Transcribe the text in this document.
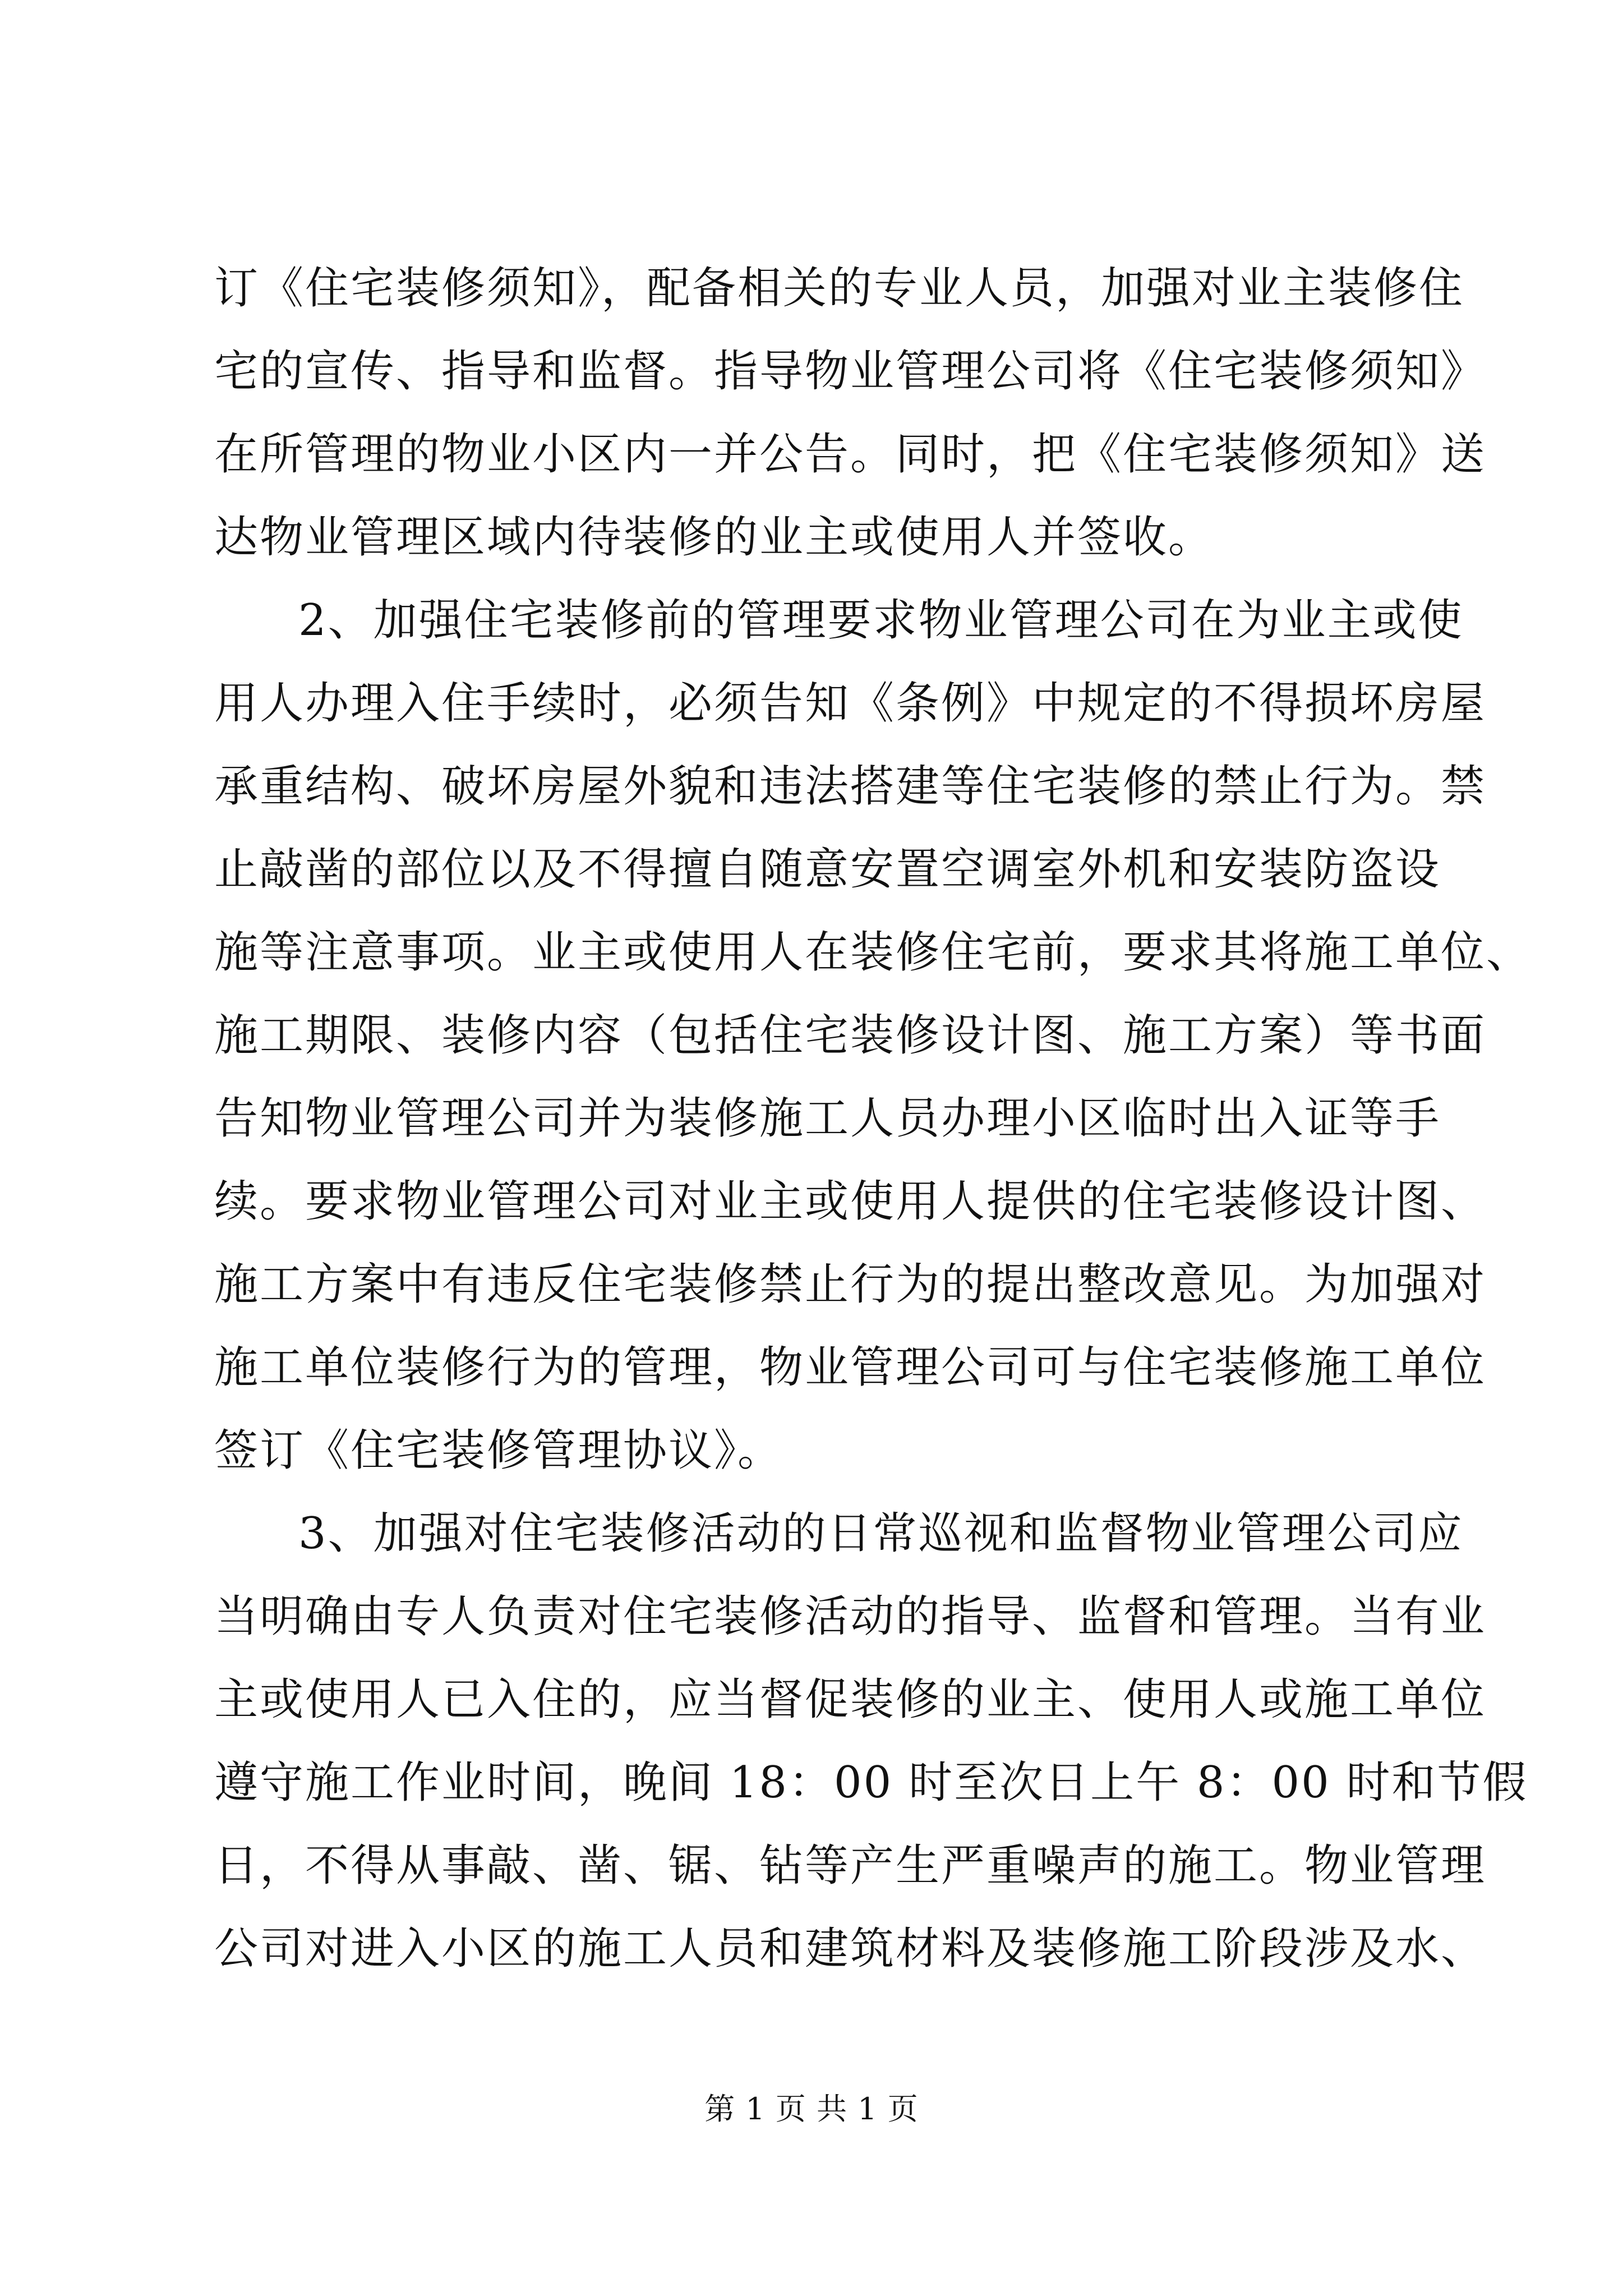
订《住宅装修须知》，配备相关的专业人员，加强对业主装修住
宅的宣传、指导和监督。指导物业管理公司将《住宅装修须知》
在所管理的物业小区内一并公告。同时，把《住宅装修须知》送
达物业管理区域内待装修的业主或使用人并签收。
2、加强住宅装修前的管理要求物业管理公司在为业主或使
用人办理入住手续时，必须告知《条例》中规定的不得损坏房屋
承重结构、破坏房屋外貌和违法搭建等住宅装修的禁止行为。禁
止敲凿的部位以及不得擅自随意安置空调室外机和安装防盗设
施等注意事项。业主或使用人在装修住宅前，要求其将施工单位、
施工期限、装修内容（包括住宅装修设计图、施工方案）等书面
告知物业管理公司并为装修施工人员办理小区临时出入证等手
续。要求物业管理公司对业主或使用人提供的住宅装修设计图、
施工方案中有违反住宅装修禁止行为的提出整改意见。为加强对
施工单位装修行为的管理，物业管理公司可与住宅装修施工单位
签订《住宅装修管理协议》。
3、加强对住宅装修活动的日常巡视和监督物业管理公司应
当明确由专人负责对住宅装修活动的指导、监督和管理。当有业
主或使用人已入住的，应当督促装修的业主、使用人或施工单位
遵守施工作业时间，晚间 18：00 时至次日上午 8：00 时和节假
日，不得从事敲、凿、锯、钻等产生严重噪声的施工。物业管理
公司对进入小区的施工人员和建筑材料及装修施工阶段涉及水、
第 1 页 共 1 页
